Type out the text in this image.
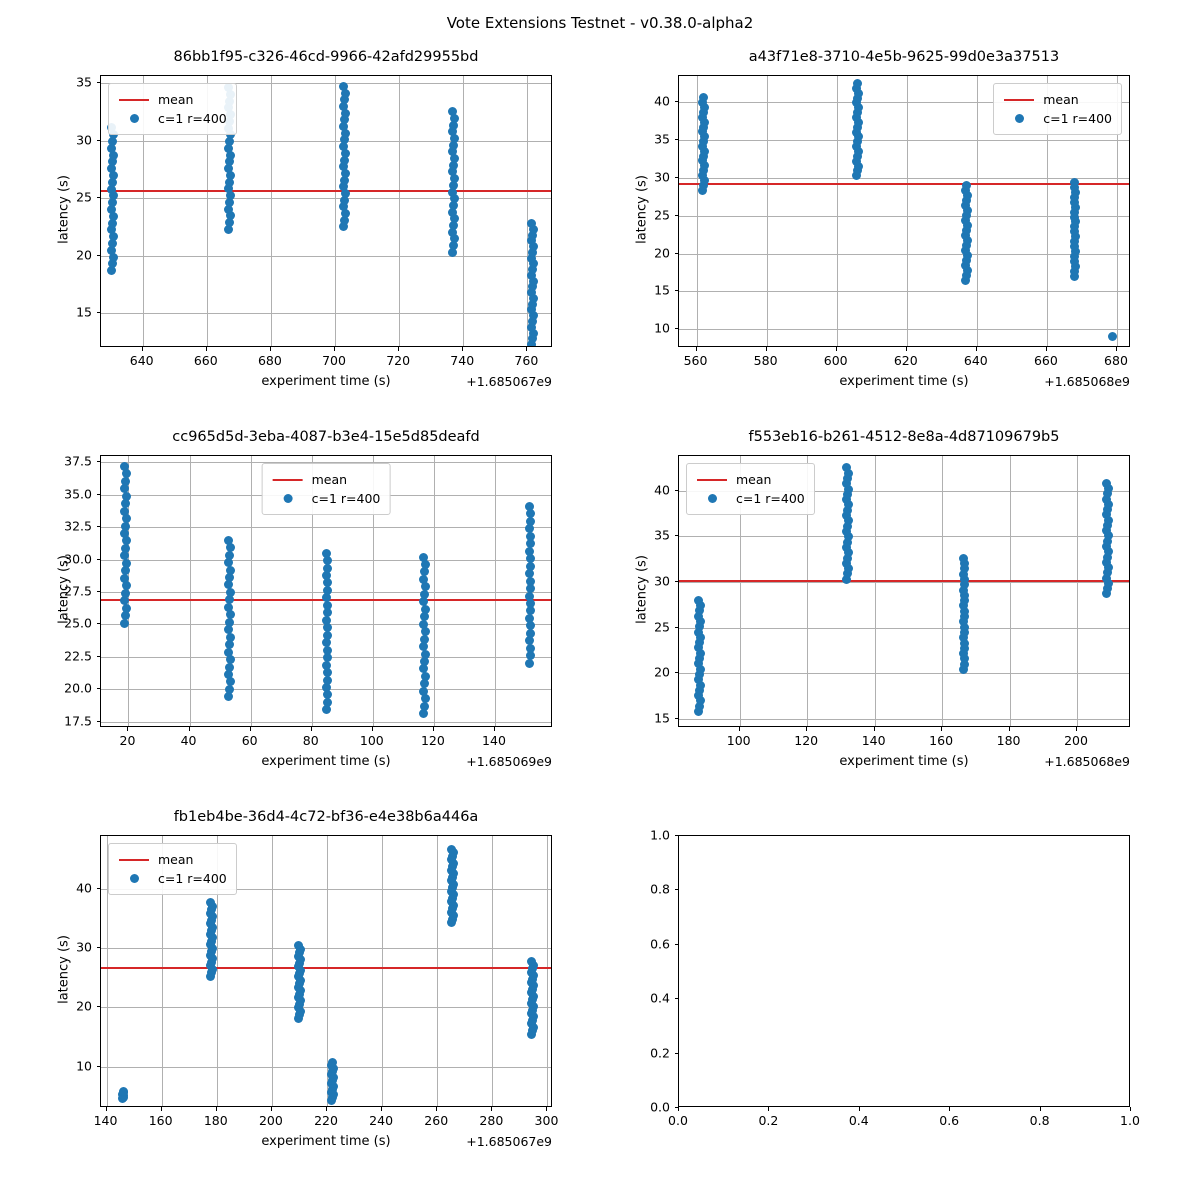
Vote Extensions Testnet - v0.38.0-alpha2
86bb1f95-c326-46cd-9966-42afd29955bd
640	660	680	700	720	740	760
15
20
25
30
35
experiment time (s)
latency (s)
+1.685067e9
mean
c=1 r=400
a43f71e8-3710-4e5b-9625-99d0e3a37513
560	580	600	620	640	660	680
10
15
20
25
30
35
40
experiment time (s)
latency (s)
+1.685068e9
mean
c=1 r=400
cc965d5d-3eba-4087-b3e4-15e5d85deafd
20	40	60	80	100	120	140
17.5
20.0
22.5
25.0
27.5
30.0
32.5
35.0
37.5
experiment time (s)
latency (s)
+1.685069e9
mean
c=1 r=400
f553eb16-b261-4512-8e8a-4d87109679b5
100	120	140	160	180	200
15
20
25
30
35
40
experiment time (s)
latency (s)
+1.685068e9
mean
c=1 r=400
fb1eb4be-36d4-4c72-bf36-e4e38b6a446a
140	160	180	200	220	240	260	280	300
10
20
30
40
experiment time (s)
latency (s)
+1.685067e9
mean
c=1 r=400
0.0	0.2	0.4	0.6	0.8	1.0
0.0
0.2
0.4
0.6
0.8
1.0
